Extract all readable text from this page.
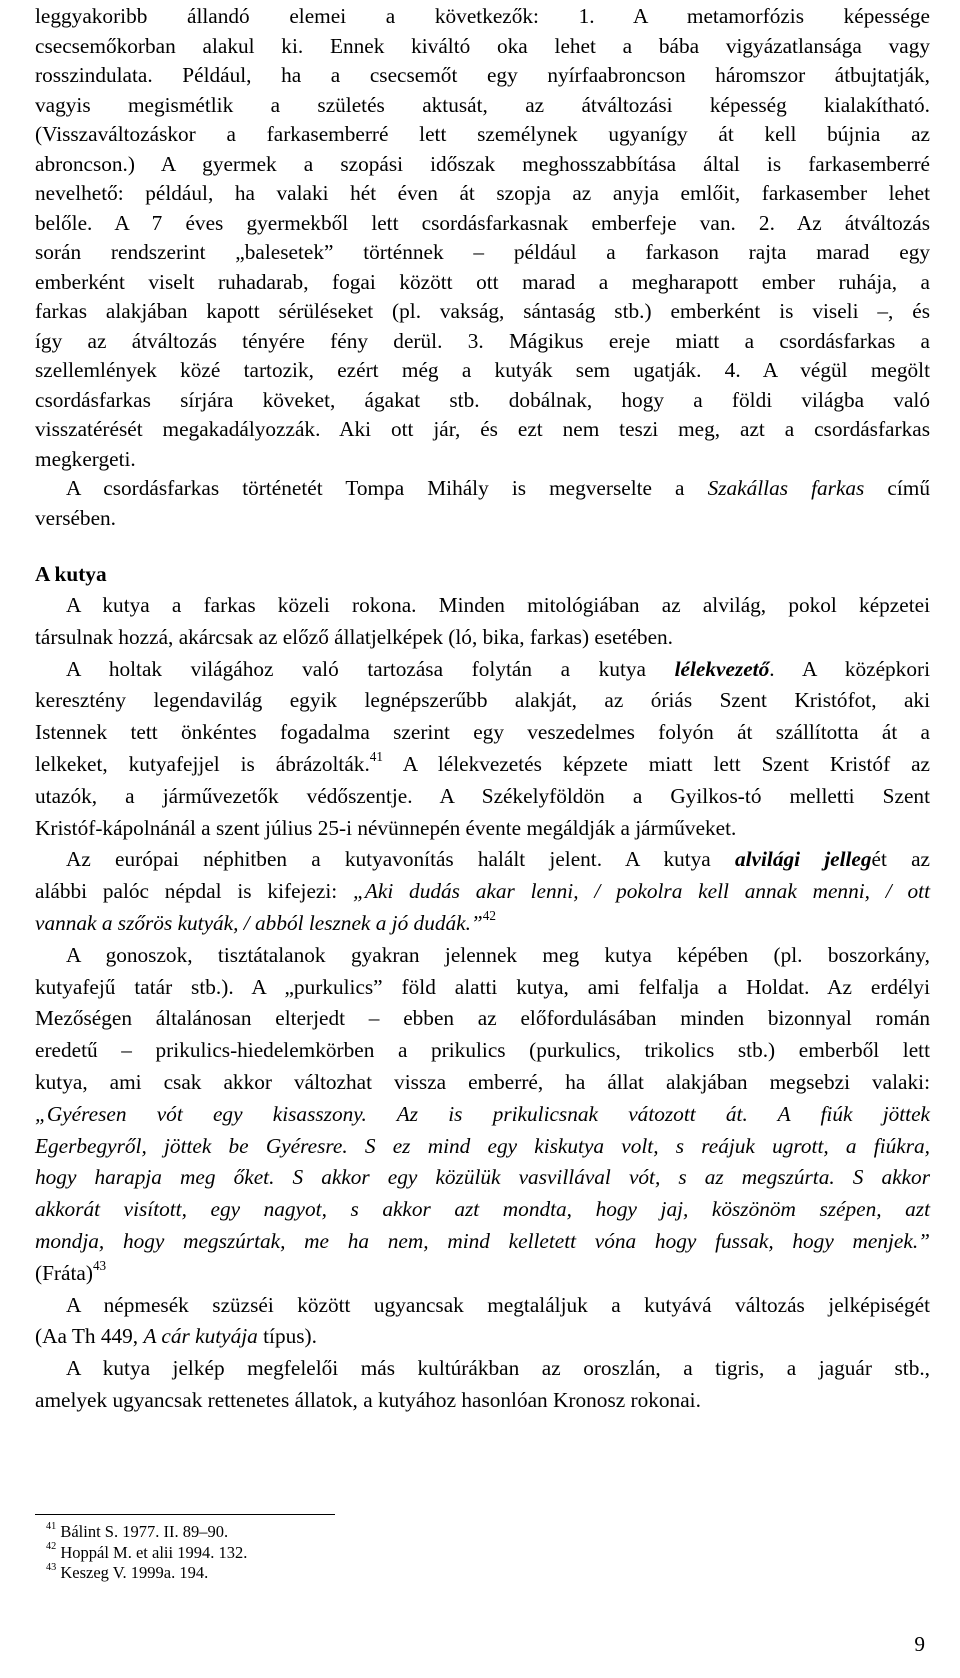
leggyakoribb állandó elemei a következők: 1. A metamorfózis képessége
csecsemőkorban alakul ki. Ennek kiváltó oka lehet a bába vigyázatlansága vagy
rosszindulata. Például, ha a csecsemőt egy nyírfaabroncson háromszor átbujtatják,
vagyis megismétlik a születés aktusát, az átváltozási képesség kialakítható.
(Visszaváltozáskor a farkasemberré lett személynek ugyanígy át kell bújnia az
abroncson.) A gyermek a szopási időszak meghosszabbítása által is farkasemberré
nevelhető: például, ha valaki hét éven át szopja az anyja emlőit, farkasember lehet
belőle. A 7 éves gyermekből lett csordásfarkasnak emberfeje van. 2. Az átváltozás
során rendszerint „balesetek” történnek – például a farkason rajta marad egy
emberként viselt ruhadarab, fogai között ott marad a megharapott ember ruhája, a
farkas alakjában kapott sérüléseket (pl. vakság, sántaság stb.) emberként is viseli –, és
így az átváltozás tényére fény derül. 3. Mágikus ereje miatt a csordásfarkas a
szellemlények közé tartozik, ezért még a kutyák sem ugatják. 4. A végül megölt
csordásfarkas sírjára köveket, ágakat stb. dobálnak, hogy a földi világba való
visszatérését megakadályozzák. Aki ott jár, és ezt nem teszi meg, azt a csordásfarkas
megkergeti.
A csordásfarkas történetét Tompa Mihály is megverselte a Szakállas farkas című
versében.
A kutya
A kutya a farkas közeli rokona. Minden mitológiában az alvilág, pokol képzetei
társulnak hozzá, akárcsak az előző állatjelképek (ló, bika, farkas) esetében.
A holtak világához való tartozása folytán a kutya lélekvezető. A középkori
keresztény legendavilág egyik legnépszerűbb alakját, az óriás Szent Kristófot, aki
Istennek tett önkéntes fogadalma szerint egy veszedelmes folyón át szállította át a
lelkeket, kutyafejjel is ábrázolták.$^{41}$ A lélekvezetés képzete miatt lett Szent Kristóf az
utazók, a járművezetők védőszentje. A Székelyföldön a Gyilkos-tó melletti Szent
Kristóf-kápolnánál a szent július 25-i névünnepén évente megáldják a járműveket.
Az európai néphitben a kutyavonítás halált jelent. A kutya alvilági jellegét az
alábbi palóc népdal is kifejezi: „Aki dudás akar lenni, / pokolra kell annak menni, / ott
vannak a szőrös kutyák, / abból lesznek a jó dudák.”$^{42}$
A gonoszok, tisztátalanok gyakran jelennek meg kutya képében (pl. boszorkány,
kutyafejű tatár stb.). A „purkulics” föld alatti kutya, ami felfalja a Holdat. Az erdélyi
Mezőségen általánosan elterjedt – ebben az előfordulásában minden bizonnyal román
eredetű – prikulics-hiedelemkörben a prikulics (purkulics, trikolics stb.) emberből lett
kutya, ami csak akkor változhat vissza emberré, ha állat alakjában megsebzi valaki:
„Gyéresen vót egy kisasszony. Az is prikulicsnak vátozott át. A fiúk jöttek
Egerbegyről, jöttek be Gyéresre. S ez mind egy kiskutya volt, s reájuk ugrott, a fiúkra,
hogy harapja meg őket. S akkor egy közülük vasvillával vót, s az megszúrta. S akkor
akkorát visított, egy nagyot, s akkor azt mondta, hogy jaj, köszönöm szépen, azt
mondja, hogy megszúrtak, me ha nem, mind kelletett vóna hogy fussak, hogy menjek.”
(Fráta)$^{43}$
A népmesék szüzséi között ugyancsak megtaláljuk a kutyává változás jelképiségét
(Aa Th 449, A cár kutyája típus).
A kutya jelkép megfelelői más kultúrákban az oroszlán, a tigris, a jaguár stb.,
amelyek ugyancsak rettenetes állatok, a kutyához hasonlóan Kronosz rokonai.

$^{41}$ Bálint S. 1977. II. 89–90.

$^{42}$ Hoppál M. et alii 1994. 132.

$^{43}$ Keszeg V. 1999a. 194.

9
